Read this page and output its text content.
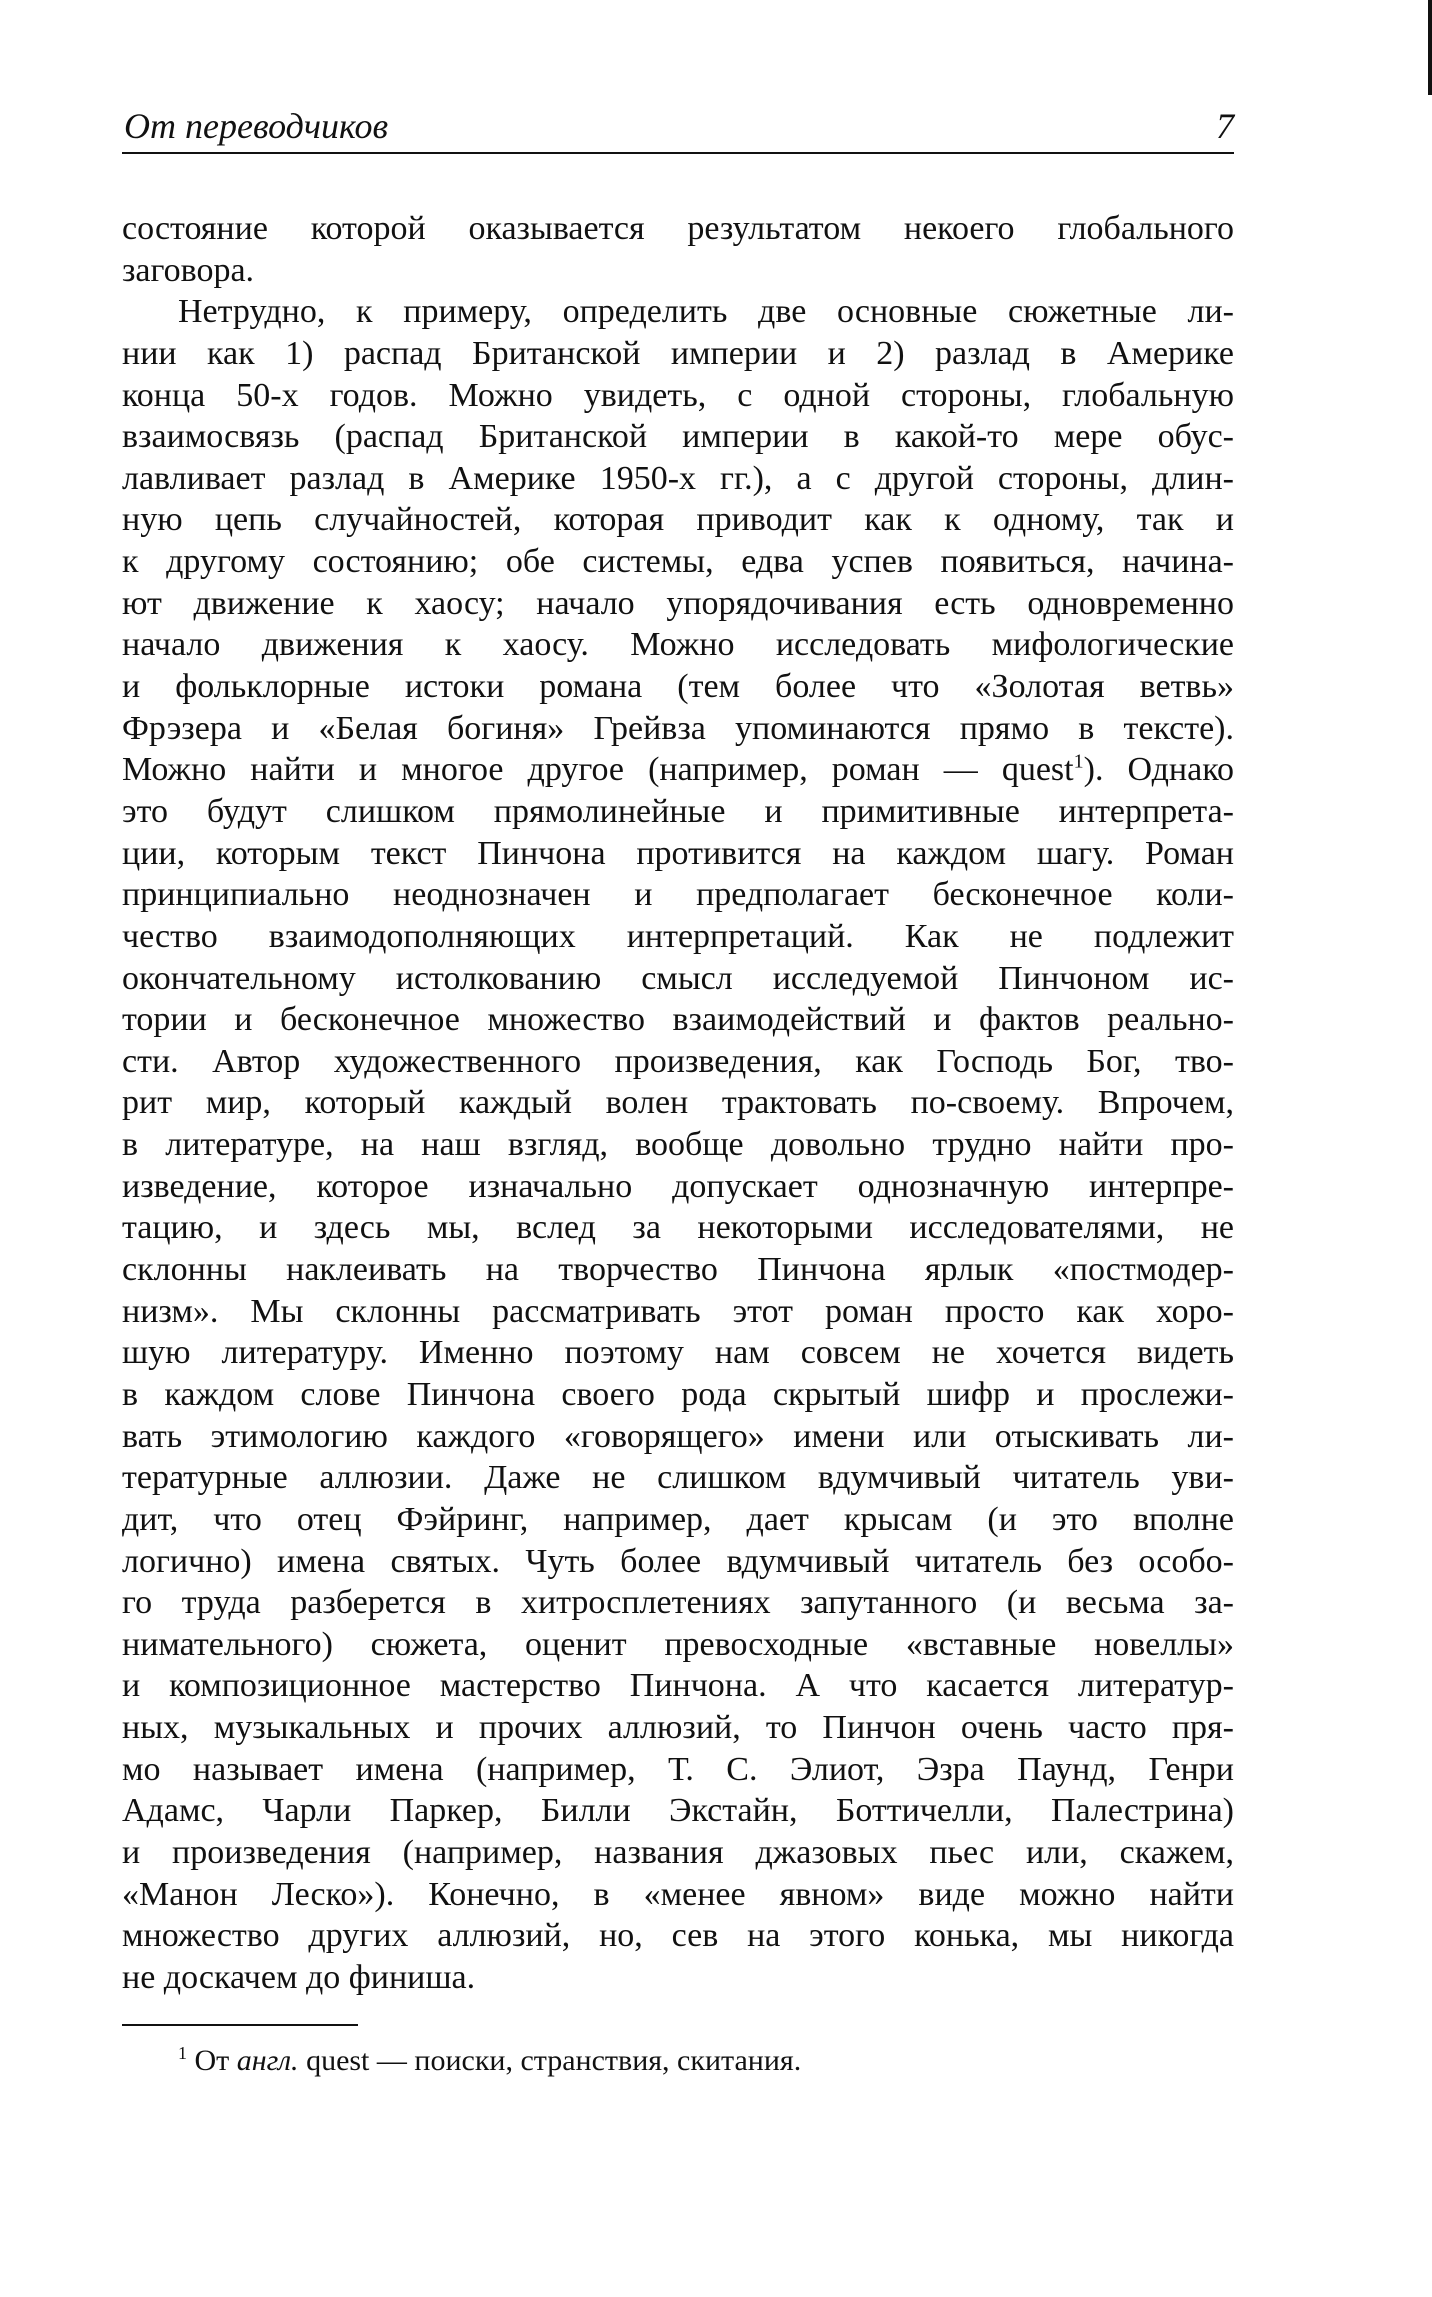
От переводчиков	7
состояние которой оказывается результатом некоего глобального
заговора.
Нетрудно, к примеру, определить две основные сюжетные ли-
нии как 1) распад Британской империи и 2) разлад в Америке
конца 50-х годов. Можно увидеть, с одной стороны, глобальную
взаимосвязь (распад Британской империи в какой-то мере обус-
лавливает разлад в Америке 1950-х гг.), а с другой стороны, длин-
ную цепь случайностей, которая приводит как к одному, так и
к другому состоянию; обе системы, едва успев появиться, начина-
ют движение к хаосу; начало упорядочивания есть одновременно
начало движения к хаосу. Можно исследовать мифологические
и фольклорные истоки романа (тем более что «Золотая ветвь»
Фрэзера и «Белая богиня» Грейвза упоминаются прямо в тексте).
Можно найти и многое другое (например, роман — quest$^1$). Однако
это будут слишком прямолинейные и примитивные интерпрета-
ции, которым текст Пинчона противится на каждом шагу. Роман
принципиально неоднозначен и предполагает бесконечное коли-
чество взаимодополняющих интерпретаций. Как не подлежит
окончательному истолкованию смысл исследуемой Пинчоном ис-
тории и бесконечное множество взаимодействий и фактов реально-
сти. Автор художественного произведения, как Господь Бог, тво-
рит мир, который каждый волен трактовать по-своему. Впрочем,
в литературе, на наш взгляд, вообще довольно трудно найти про-
изведение, которое изначально допускает однозначную интерпре-
тацию, и здесь мы, вслед за некоторыми исследователями, не
склонны наклеивать на творчество Пинчона ярлык «постмодер-
низм». Мы склонны рассматривать этот роман просто как хоро-
шую литературу. Именно поэтому нам совсем не хочется видеть
в каждом слове Пинчона своего рода скрытый шифр и прослежи-
вать этимологию каждого «говорящего» имени или отыскивать ли-
тературные аллюзии. Даже не слишком вдумчивый читатель уви-
дит, что отец Фэйринг, например, дает крысам (и это вполне
логично) имена святых. Чуть более вдумчивый читатель без особо-
го труда разберется в хитросплетениях запутанного (и весьма за-
нимательного) сюжета, оценит превосходные «вставные новеллы»
и композиционное мастерство Пинчона. А что касается литератур-
ных, музыкальных и прочих аллюзий, то Пинчон очень часто пря-
мо называет имена (например, Т. С. Элиот, Эзра Паунд, Генри
Адамс, Чарли Паркер, Билли Экстайн, Боттичелли, Палестрина)
и произведения (например, названия джазовых пьес или, скажем,
«Манон Леско»). Конечно, в «менее явном» виде можно найти
множество других аллюзий, но, сев на этого конька, мы никогда
не доскачем до финиша.
$^1$ От англ. quest — поиски, странствия, скитания.
